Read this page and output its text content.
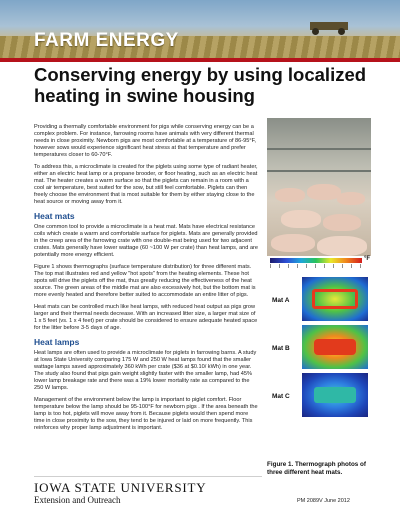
FARM ENERGY
Conserving energy by using localized heating in swine housing

Providing a thermally comfortable environment for pigs while conserving energy can be a complex problem. For instance, farrowing rooms have animals with very different thermal needs in close proximity. Newborn pigs are most comfortable at a temperature of 86-95°F, however sows would experience significant heat stress at that temperature and prefer temperatures closer to 60-70°F.

To address this, a microclimate is created for the piglets using some type of radiant heater, either an electric heat lamp or a propane brooder, or floor heating, such as an electric heat mat. The heater creates a warm surface so that the piglets can remain in a room with a cool air temperature, best suited for the sow, but still feel comfortable. Piglets can then freely choose the environment that is most suitable for them by either staying close to the heat source or moving away from it.

Heat mats

One common tool to provide a microclimate is a heat mat. Mats have electrical resistance coils which create a warm and comfortable surface for piglets. Mats are generally provided in the creep area of the farrowing crate with one double-mat being used for two adjacent crates. Mats generally have lower wattage (60 ~100 W per crate) than heat lamps, and are potentially more energy efficient.

Figure 1 shows thermographs (surface temperature distribution) for three different mats. The top mat illustrates red and yellow "hot spots" from the heating elements. These hot spots will drive the piglets off the mat, thus greatly reducing the effectiveness of the heat source. The green areas of the middle mat are also excessively hot, but the bottom mat is more evenly heated and therefore better suited to accommodate an entire litter of pigs.

Heat mats can be controlled much like heat lamps, with reduced heat output as pigs grow larger and their thermal needs decrease. With an increased litter size, a larger mat size of 1 x 5 feet (vs. 1 x 4 feet) per crate should be considered to ensure adequate heated space for the litter before 3-5 days of age.

Heat lamps

Heat lamps are often used to provide a microclimate for piglets in farrowing barns. A study at Iowa State University comparing 175 W and 250 W heat lamps found that the smaller wattage lamps saved approximately 360 kWh per crate ($36 at $0.10/ kWh) in one year. The study also found that pigs gain weight slightly faster with the smaller lamp, had 45% lower lamp breakage rate and there was a 19% lower mortality rate as compared to the 250 W lamps.

Management of the environment below the lamp is important to piglet comfort. Floor temperature below the lamp should be 95-100°F for newborn pigs . If the area beneath the lamp is too hot, piglets will move away from it. Because piglets would then spend more time in close proximity to the sow, they tend to be injured or laid on more frequently. This reinforces why proper lamp adjustment is important.

°F
Mat A
Mat B
Mat C
Figure 1. Thermograph photos of three different heat mats.
IOWA STATE UNIVERSITY
Extension and Outreach	PM 2089V June 2012
